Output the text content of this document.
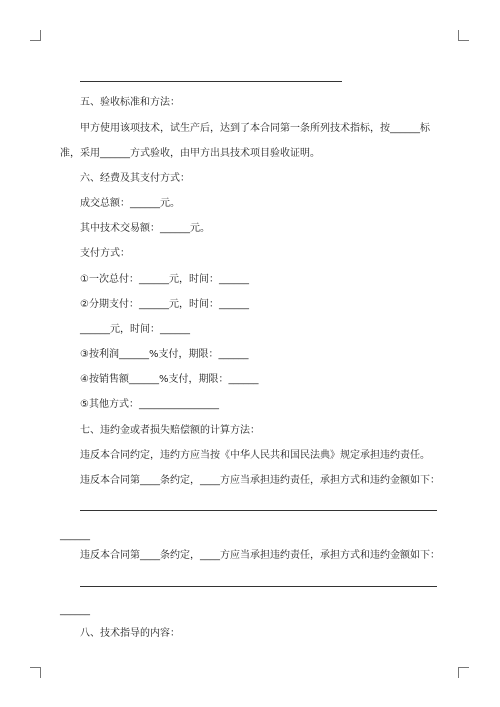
五、验收标准和方法：
甲方使用该项技术，试生产后，达到了本合同第一条所列技术指标，按______标
准，采用______方式验收，由甲方出具技术项目验收证明。
六、经费及其支付方式：
成交总额：______元。
其中技术交易额：______元。
支付方式：
①一次总付：______元，时间：______
②分期支付：______元，时间：______
______元，时间：______
③按利润______%支付，期限：______
④按销售额______%支付，期限：______
⑤其他方式：________________
七、违约金或者损失赔偿额的计算方法：
违反本合同约定，违约方应当按《中华人民共和国民法典》规定承担违约责任。
违反本合同第____条约定，____方应当承担违约责任，承担方式和违约金额如下：
______
违反本合同第____条约定，____方应当承担违约责任，承担方式和违约金额如下：
______
八、技术指导的内容：
